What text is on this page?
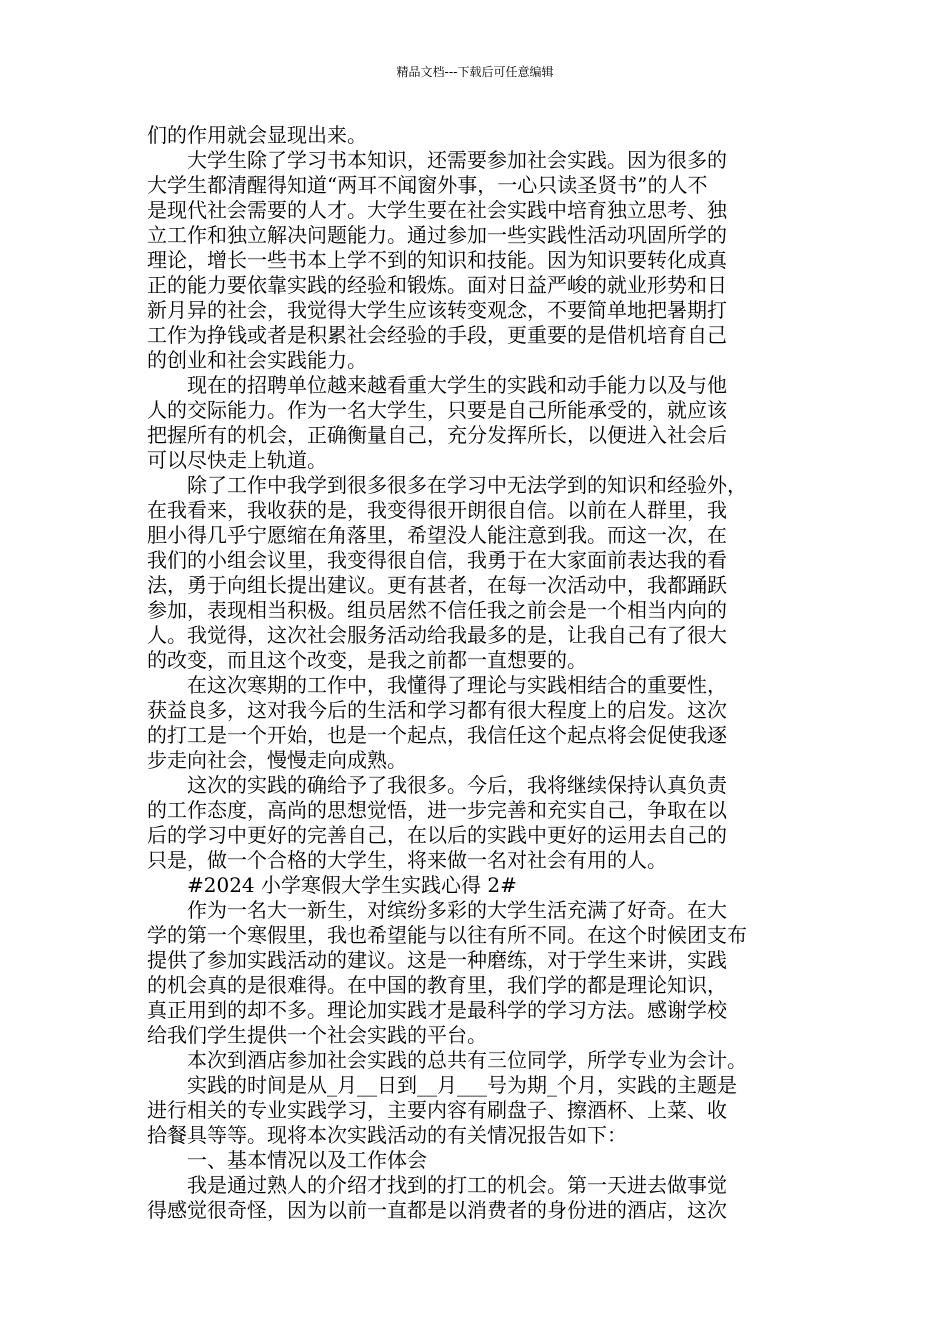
精品文档---下载后可任意编辑
们的作用就会显现出来。
大学生除了学习书本知识，还需要参加社会实践。因为很多的
大学生都清醒得知道“两耳不闻窗外事，一心只读圣贤书”的人不
是现代社会需要的人才。大学生要在社会实践中培育独立思考、独
立工作和独立解决问题能力。通过参加一些实践性活动巩固所学的
理论，增长一些书本上学不到的知识和技能。因为知识要转化成真
正的能力要依靠实践的经验和锻炼。面对日益严峻的就业形势和日
新月异的社会，我觉得大学生应该转变观念，不要简单地把暑期打
工作为挣钱或者是积累社会经验的手段，更重要的是借机培育自己
的创业和社会实践能力。
现在的招聘单位越来越看重大学生的实践和动手能力以及与他
人的交际能力。作为一名大学生，只要是自己所能承受的，就应该
把握所有的机会，正确衡量自己，充分发挥所长，以便进入社会后
可以尽快走上轨道。
除了工作中我学到很多很多在学习中无法学到的知识和经验外，
在我看来，我收获的是，我变得很开朗很自信。以前在人群里，我
胆小得几乎宁愿缩在角落里，希望没人能注意到我。而这一次，在
我们的小组会议里，我变得很自信，我勇于在大家面前表达我的看
法，勇于向组长提出建议。更有甚者，在每一次活动中，我都踊跃
参加，表现相当积极。组员居然不信任我之前会是一个相当内向的
人。我觉得，这次社会服务活动给我最多的是，让我自己有了很大
的改变，而且这个改变，是我之前都一直想要的。
在这次寒期的工作中，我懂得了理论与实践相结合的重要性，
获益良多，这对我今后的生活和学习都有很大程度上的启发。这次
的打工是一个开始，也是一个起点，我信任这个起点将会促使我逐
步走向社会，慢慢走向成熟。
这次的实践的确给予了我很多。今后，我将继续保持认真负责
的工作态度，高尚的思想觉悟，进一步完善和充实自己，争取在以
后的学习中更好的完善自己，在以后的实践中更好的运用去自己的
只是，做一个合格的大学生，将来做一名对社会有用的人。
#2024 小学寒假大学生实践心得 2#
作为一名大一新生，对缤纷多彩的大学生活充满了好奇。在大
学的第一个寒假里，我也希望能与以往有所不同。在这个时候团支布
提供了参加实践活动的建议。这是一种磨练，对于学生来讲，实践
的机会真的是很难得。在中国的教育里，我们学的都是理论知识，
真正用到的却不多。理论加实践才是最科学的学习方法。感谢学校
给我们学生提供一个社会实践的平台。
本次到酒店参加社会实践的总共有三位同学，所学专业为会计。
实践的时间是从_月__日到__月___号为期_个月，实践的主题是
进行相关的专业实践学习，主要内容有刷盘子、擦酒杯、上菜、收
拾餐具等等。现将本次实践活动的有关情况报告如下：
一、基本情况以及工作体会
我是通过熟人的介绍才找到的打工的机会。第一天进去做事觉
得感觉很奇怪，因为以前一直都是以消费者的身份进的酒店，这次
